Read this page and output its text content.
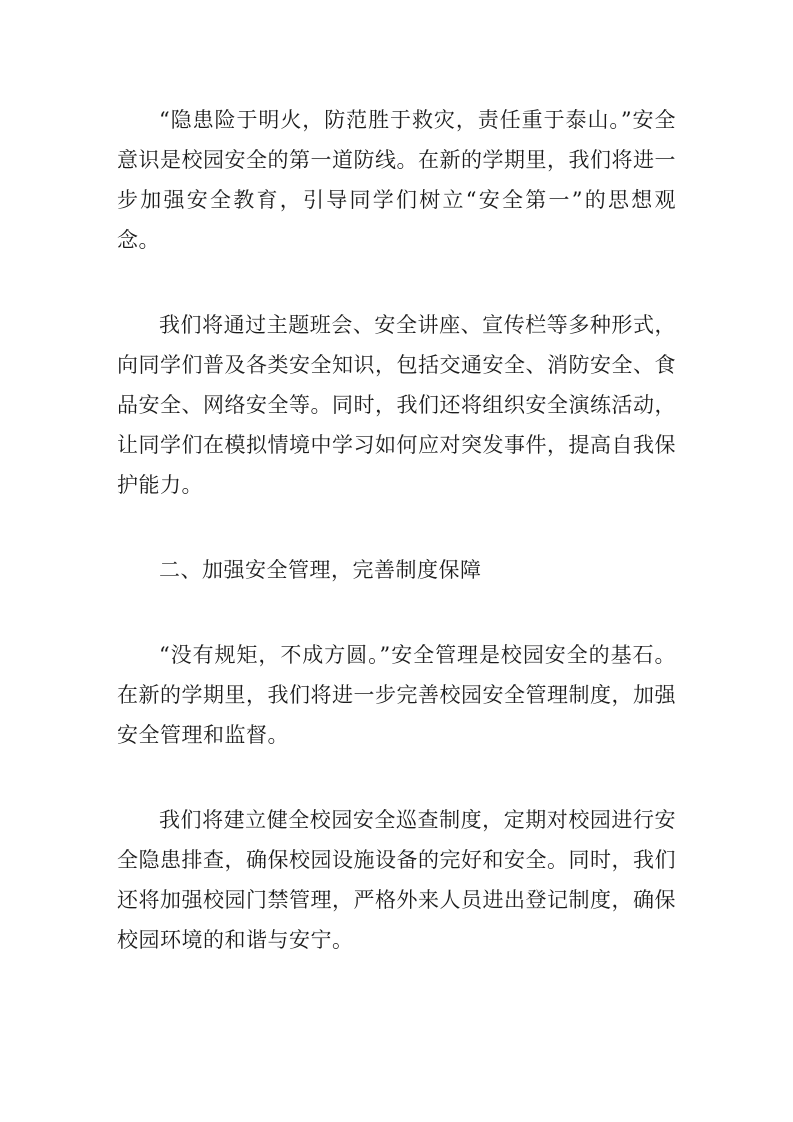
“隐患险于明火，防范胜于救灾，责任重于泰山。”安全意识是校园安全的第一道防线。在新的学期里，我们将进一步加强安全教育，引导同学们树立“安全第一”的思想观念。

我们将通过主题班会、安全讲座、宣传栏等多种形式，向同学们普及各类安全知识，包括交通安全、消防安全、食品安全、网络安全等。同时，我们还将组织安全演练活动，让同学们在模拟情境中学习如何应对突发事件，提高自我保护能力。

二、加强安全管理，完善制度保障

“没有规矩，不成方圆。”安全管理是校园安全的基石。在新的学期里，我们将进一步完善校园安全管理制度，加强安全管理和监督。

我们将建立健全校园安全巡查制度，定期对校园进行安全隐患排查，确保校园设施设备的完好和安全。同时，我们还将加强校园门禁管理，严格外来人员进出登记制度，确保校园环境的和谐与安宁。
